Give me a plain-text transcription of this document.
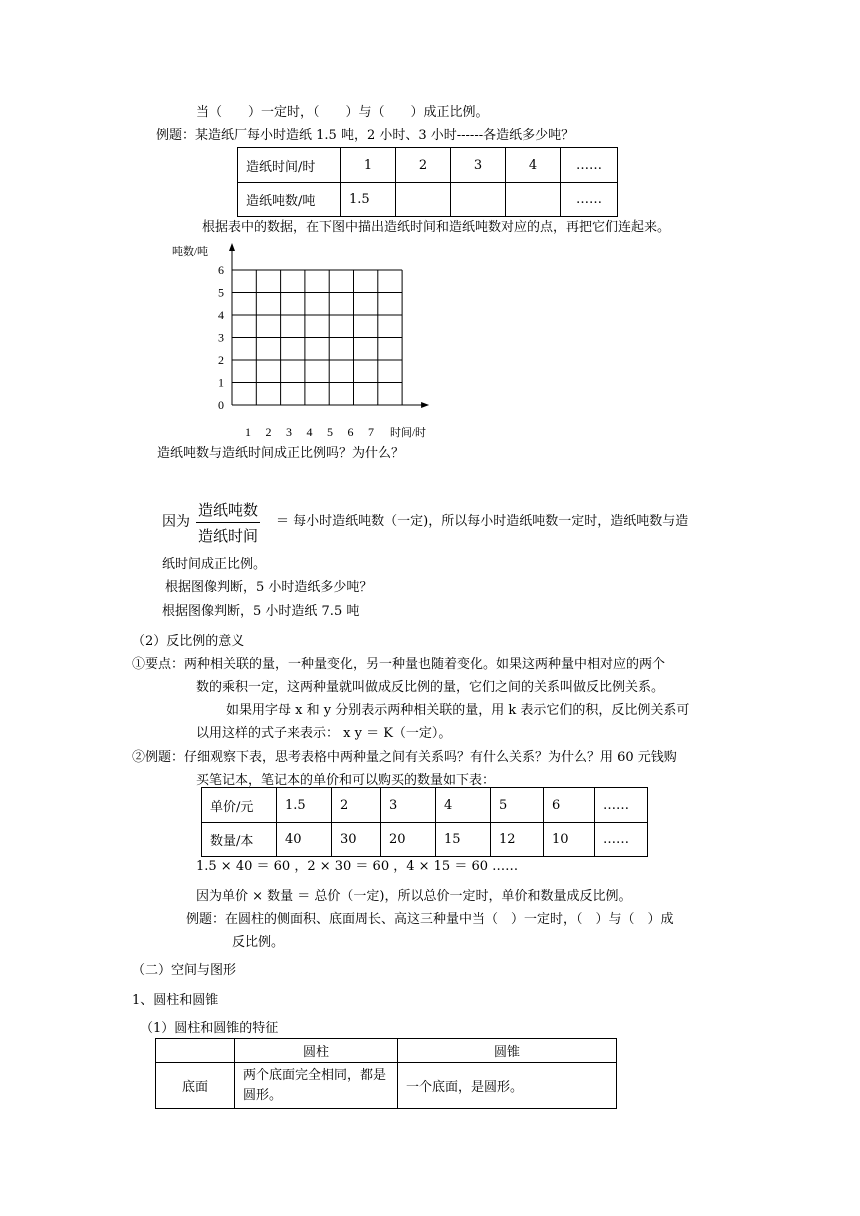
当（　　）一定时，（　　）与（　　）成正比例。
例题：某造纸厂每小时造纸 1.5 吨，2 小时、3 小时------各造纸多少吨？
造纸时间/时	1	2	3	4	……
造纸吨数/吨	1.5				……
根据表中的数据，在下图中描出造纸时间和造纸吨数对应的点，再把它们连起来。
0
1
2
3
4
5
6
1 2 3 4 5 6 7
吨数/吨
时间/时
造纸吨数与造纸时间成正比例吗？为什么？
因为
造纸吨数
造纸时间
＝ 每小时造纸吨数（一定)，所以每小时造纸吨数一定时，造纸吨数与造
纸时间成正比例。
根据图像判断，5 小时造纸多少吨？
根据图像判断，5 小时造纸 7.5 吨
（2）反比例的意义
①要点：两种相关联的量，一种量变化，另一种量也随着变化。如果这两种量中相对应的两个
数的乘积一定，这两种量就叫做成反比例的量，它们之间的关系叫做反比例关系。
如果用字母 x 和 y 分别表示两种相关联的量，用 k 表示它们的积，反比例关系可
以用这样的式子来表示： x y ＝ K（一定）。
②例题：仔细观察下表，思考表格中两种量之间有关系吗？有什么关系？为什么？用 60 元钱购
买笔记本，笔记本的单价和可以购买的数量如下表：
单价/元	1.5	2	3	4	5	6	……
数量/本	40	30	20	15	12	10	……
1.5 × 40 ＝ 60 ，2 × 30 ＝ 60 ，4 × 15 ＝ 60 ……
因为单价 × 数量 ＝ 总价（一定)，所以总价一定时，单价和数量成反比例。
例题：在圆柱的侧面积、底面周长、高这三种量中当（　）一定时，（　）与（　）成
反比例。
（二）空间与图形
1、圆柱和圆锥
（1）圆柱和圆锥的特征
	圆柱	圆锥
底面	两个底面完全相同，都是圆形。	一个底面，是圆形。
